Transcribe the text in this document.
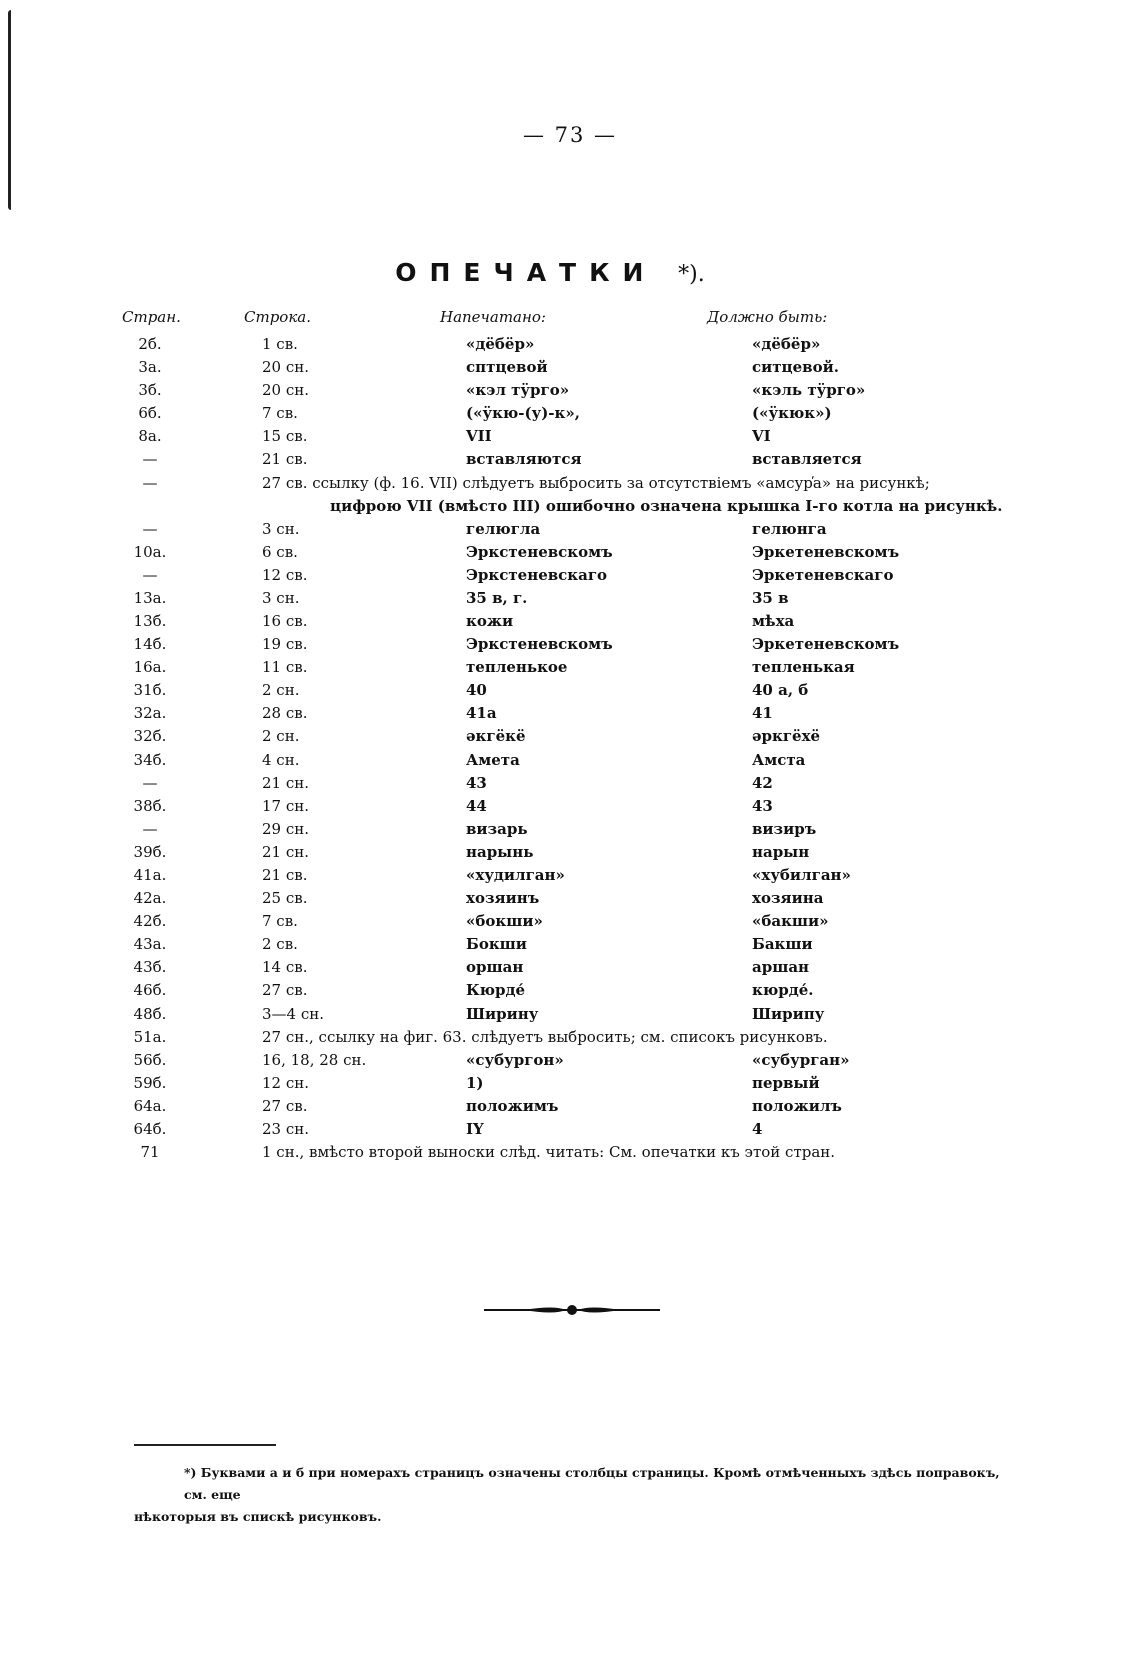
— 73 —
ОПЕЧАТКИ *).
Стран.	Строка.	Напечатано:	Должно быть:
2б.	1 св.	«дёбёр»	«дёбёр»
3а.	20 сн.	сптцевой	ситцевой.
3б.	20 сн.	«кэл тӱрго»	«кэль тӱрго»
6б.	7 св.	(«ӱкю-(у)-к»,	(«ӱкюк»)
8а.	15 св.	VII	VI
—	21 св.	вставляются	вставляется
—	27 св. ссылку (ф. 16. VII) слѣдуетъ выбросить за отсутствіемъ «амсур̕а» на рисункѣ;
цифрою VII (вмѣсто III) ошибочно означена крышка I-го котла на рисункѣ.
—	3 сн.	гелюгла	гелюнга
10а.	6 св.	Эркстеневскомъ	Эркетеневскомъ
—	12 св.	Эркстеневскаго	Эркетеневскаго
13а.	3 сн.	35 в, г.	35 в
13б.	16 св.	кожи	мѣха
14б.	19 св.	Эркстеневскомъ	Эркетеневскомъ
16а.	11 св.	тепленькое	тепленькая
31б.	2 сн.	40	40 а, б
32а.	28 св.	41а	41
32б.	2 сн.	әкгёкё	әркгёхё
34б.	4 сн.	Амета	Амста
—	21 сн.	43	42
38б.	17 сн.	44	43
—	29 сн.	визарь	визиръ
39б.	21 сн.	нарынь	нарын
41а.	21 св.	«худилган»	«хубилган»
42а.	25 св.	хозяинъ	хозяина
42б.	7 св.	«бокши»	«бакши»
43а.	2 св.	Бокши	Бакши
43б.	14 св.	оршан	аршан
46б.	27 св.	Кюрде́	кюрде́.
48б.	3—4 сн.	Ширину	Ширипу
51а.	27 сн., ссылку на фиг. 63. слѣдуетъ выбросить; см. списокъ рисунковъ.
56б.	16, 18, 28 сн.	«субургон»	«субурган»
59б.	12 сн.	1)	первый
64а.	27 св.	положимъ	положилъ
64б.	23 сн.	IY	4
71	1 сн., вмѣсто второй выноски слѣд. читать: См. опечатки къ этой стран.
*) Буквами а и б при номерахъ страницъ означены столбцы страницы. Кромѣ отмѣченныхъ здѣсь поправокъ, см. еще
нѣкоторыя въ спискѣ рисунковъ.
